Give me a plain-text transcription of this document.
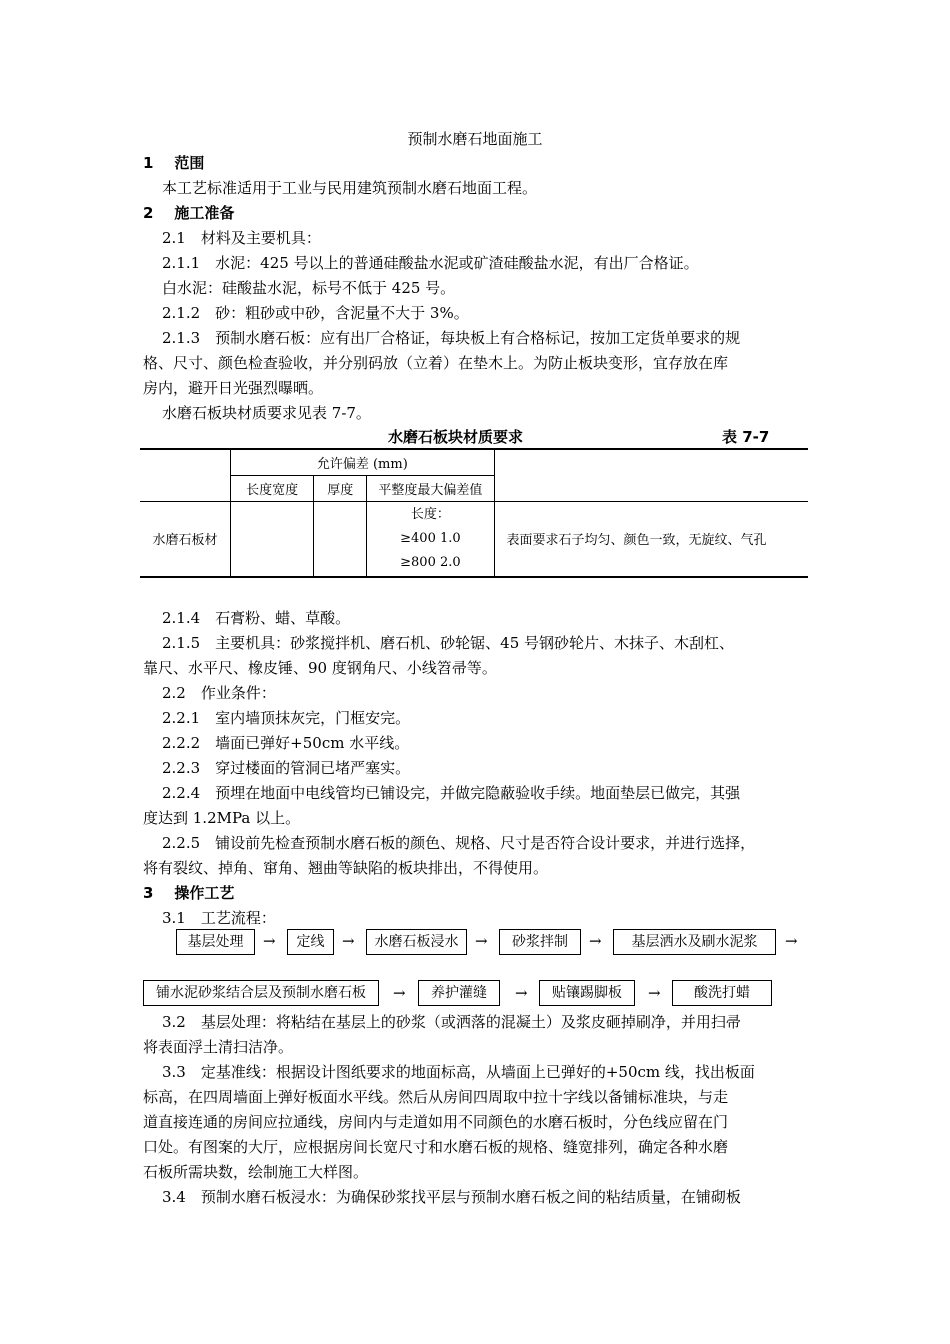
预制水磨石地面施工
1 范围
本工艺标准适用于工业与民用建筑预制水磨石地面工程。
2 施工准备
2.1　材料及主要机具：
2.1.1　水泥：425 号以上的普通硅酸盐水泥或矿渣硅酸盐水泥，有出厂合格证。
白水泥：硅酸盐水泥，标号不低于 425 号。
2.1.2　砂：粗砂或中砂，含泥量不大于 3%。
2.1.3　预制水磨石板：应有出厂合格证，每块板上有合格标记，按加工定货单要求的规
格、尺寸、颜色检查验收，并分别码放（立着）在垫木上。为防止板块变形，宜存放在库
房内，避开日光强烈曝晒。
水磨石板块材质要求见表 7-7。
水磨石板块材质要求	表 7-7
	允许偏差 (mm)			
	长度宽度	厚度	平整度最大偏差值	
水磨石板材			长度：
≥400 1.0
≥800 2.0	表面要求石子均匀、颜色一致，无旋纹、气孔
2.1.4　石膏粉、蜡、草酸。
2.1.5　主要机具：砂浆搅拌机、磨石机、砂轮锯、45 号钢砂轮片、木抹子、木刮杠、
靠尺、水平尺、橡皮锤、90 度钢角尺、小线笤帚等。
2.2　作业条件：
2.2.1　室内墙顶抹灰完，门框安完。
2.2.2　墙面已弹好+50cm 水平线。
2.2.3　穿过楼面的管洞已堵严塞实。
2.2.4　预埋在地面中电线管均已铺设完，并做完隐蔽验收手续。地面垫层已做完，其强
度达到 1.2MPa 以上。
2.2.5　铺设前先检查预制水磨石板的颜色、规格、尺寸是否符合设计要求，并进行选择，
将有裂纹、掉角、窜角、翘曲等缺陷的板块排出，不得使用。
3 操作工艺
3.1　工艺流程：
基层处理	→	定线	→	水磨石板浸水	→	砂浆拌制	→	基层洒水及刷水泥浆	→
铺水泥砂浆结合层及预制水磨石板	→	养护灌缝	→	贴镶踢脚板	→	酸洗打蜡
3.2　基层处理：将粘结在基层上的砂浆（或洒落的混凝土）及浆皮砸掉刷净，并用扫帚
将表面浮土清扫洁净。
3.3　定基准线：根据设计图纸要求的地面标高，从墙面上已弹好的+50cm 线，找出板面
标高，在四周墙面上弹好板面水平线。然后从房间四周取中拉十字线以备铺标准块，与走
道直接连通的房间应拉通线，房间内与走道如用不同颜色的水磨石板时，分色线应留在门
口处。有图案的大厅，应根据房间长宽尺寸和水磨石板的规格、缝宽排列，确定各种水磨
石板所需块数，绘制施工大样图。
3.4　预制水磨石板浸水：为确保砂浆找平层与预制水磨石板之间的粘结质量，在铺砌板
